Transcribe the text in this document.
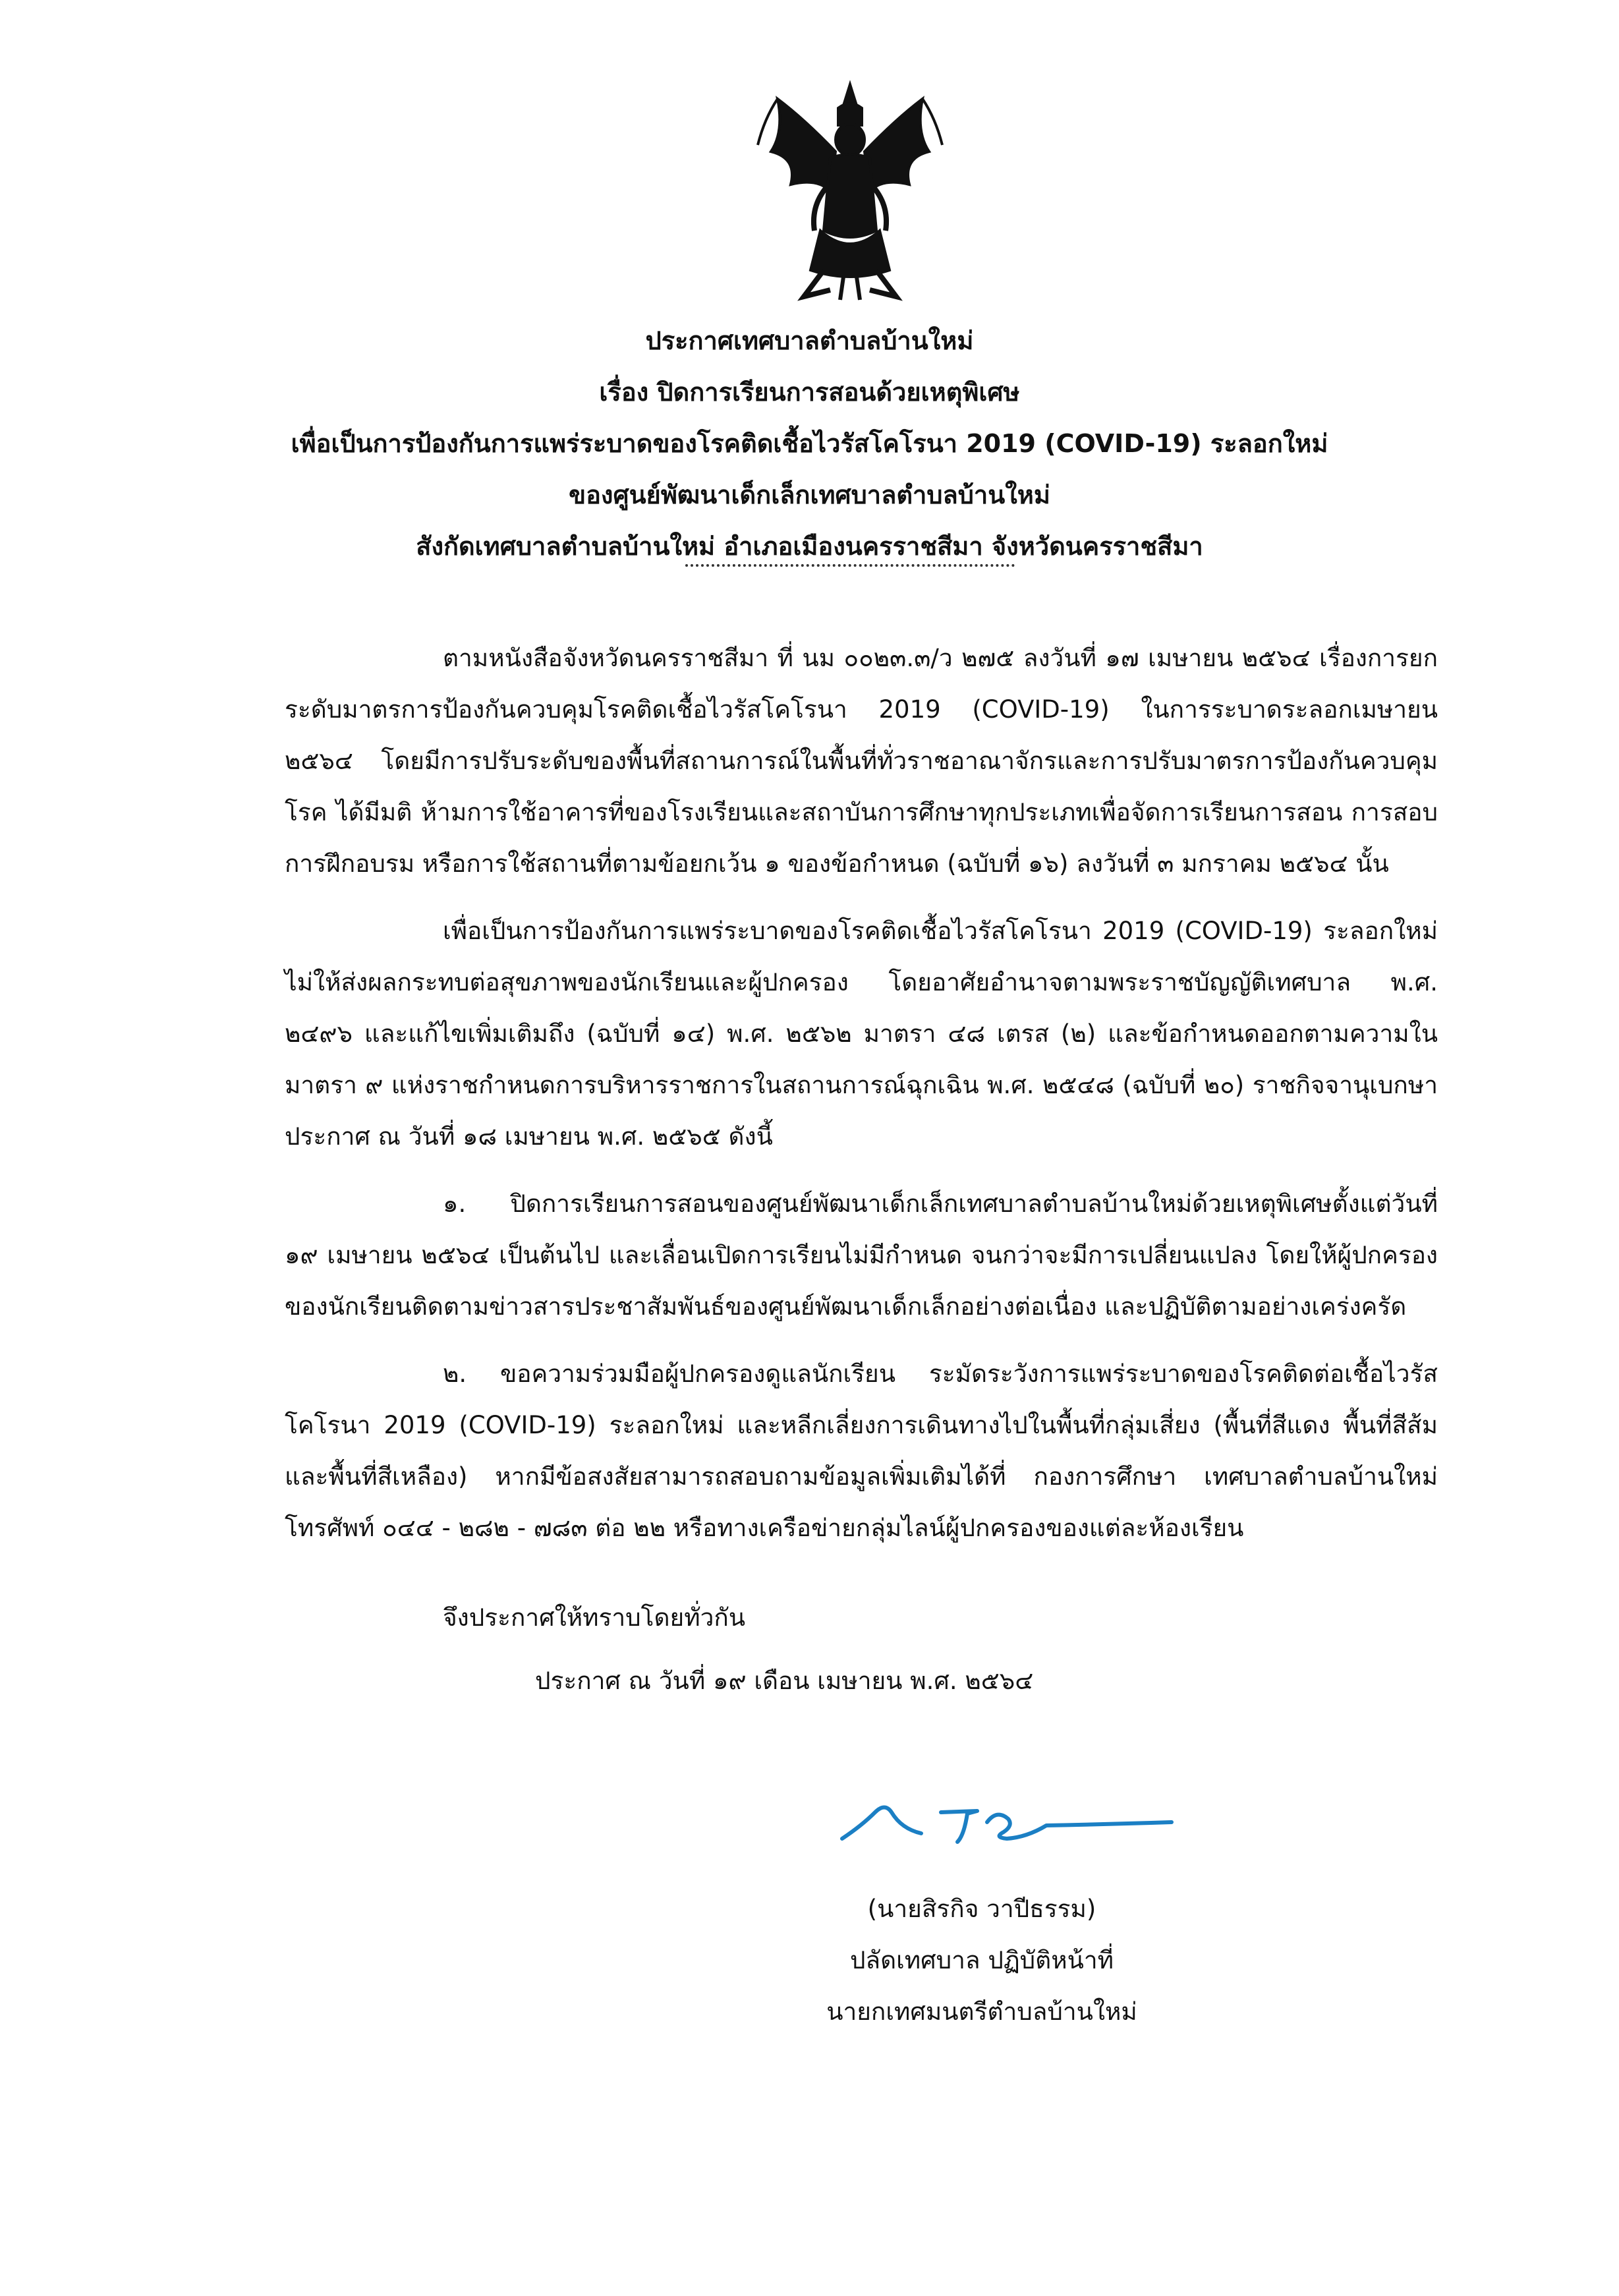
ประกาศเทศบาลตำบลบ้านใหม่
เรื่อง ปิดการเรียนการสอนด้วยเหตุพิเศษ
เพื่อเป็นการป้องกันการแพร่ระบาดของโรคติดเชื้อไวรัสโคโรนา 2019 (COVID-19) ระลอกใหม่
ของศูนย์พัฒนาเด็กเล็กเทศบาลตำบลบ้านใหม่
สังกัดเทศบาลตำบลบ้านใหม่ อำเภอเมืองนครราชสีมา จังหวัดนครราชสีมา

ตามหนังสือจังหวัดนครราชสีมา ที่ นม ๐๐๒๓.๓/ว ๒๗๕ ลงวันที่ ๑๗ เมษายน ๒๕๖๔ เรื่องการยกระดับมาตรการป้องกันควบคุมโรคติดเชื้อไวรัสโคโรนา 2019 (COVID-19) ในการระบาดระลอกเมษายน ๒๕๖๔ โดยมีการปรับระดับของพื้นที่สถานการณ์ในพื้นที่ทั่วราชอาณาจักรและการปรับมาตรการป้องกันควบคุมโรค ได้มีมติ ห้ามการใช้อาคารที่ของโรงเรียนและสถาบันการศึกษาทุกประเภทเพื่อจัดการเรียนการสอน การสอบ การฝึกอบรม หรือการใช้สถานที่ตามข้อยกเว้น ๑ ของข้อกำหนด (ฉบับที่ ๑๖) ลงวันที่ ๓ มกราคม ๒๕๖๔ นั้น

เพื่อเป็นการป้องกันการแพร่ระบาดของโรคติดเชื้อไวรัสโคโรนา 2019 (COVID-19) ระลอกใหม่ ไม่ให้ส่งผลกระทบต่อสุขภาพของนักเรียนและผู้ปกครอง โดยอาศัยอำนาจตามพระราชบัญญัติเทศบาล พ.ศ. ๒๔๙๖ และแก้ไขเพิ่มเติมถึง (ฉบับที่ ๑๔) พ.ศ. ๒๕๖๒ มาตรา ๔๘ เตรส (๒) และข้อกำหนดออกตามความในมาตรา ๙ แห่งราชกำหนดการบริหารราชการในสถานการณ์ฉุกเฉิน พ.ศ. ๒๕๔๘ (ฉบับที่ ๒๐) ราชกิจจานุเบกษา ประกาศ ณ วันที่ ๑๘ เมษายน พ.ศ. ๒๕๖๕ ดังนี้

๑. ปิดการเรียนการสอนของศูนย์พัฒนาเด็กเล็กเทศบาลตำบลบ้านใหม่ด้วยเหตุพิเศษตั้งแต่วันที่ ๑๙ เมษายน ๒๕๖๔ เป็นต้นไป และเลื่อนเปิดการเรียนไม่มีกำหนด จนกว่าจะมีการเปลี่ยนแปลง โดยให้ผู้ปกครองของนักเรียนติดตามข่าวสารประชาสัมพันธ์ของศูนย์พัฒนาเด็กเล็กอย่างต่อเนื่อง และปฏิบัติตามอย่างเคร่งครัด

๒. ขอความร่วมมือผู้ปกครองดูแลนักเรียน ระมัดระวังการแพร่ระบาดของโรคติดต่อเชื้อไวรัสโคโรนา 2019 (COVID-19) ระลอกใหม่ และหลีกเลี่ยงการเดินทางไปในพื้นที่กลุ่มเสี่ยง (พื้นที่สีแดง พื้นที่สีส้ม และพื้นที่สีเหลือง) หากมีข้อสงสัยสามารถสอบถามข้อมูลเพิ่มเติมได้ที่ กองการศึกษา เทศบาลตำบลบ้านใหม่ โทรศัพท์ ๐๔๔ - ๒๘๒ - ๗๘๓ ต่อ ๒๒ หรือทางเครือข่ายกลุ่มไลน์ผู้ปกครองของแต่ละห้องเรียน

จึงประกาศให้ทราบโดยทั่วกัน
ประกาศ ณ วันที่ ๑๙ เดือน เมษายน พ.ศ. ๒๕๖๔
(นายสิรกิจ วาปีธรรม)
ปลัดเทศบาล ปฏิบัติหน้าที่
นายกเทศมนตรีตำบลบ้านใหม่
